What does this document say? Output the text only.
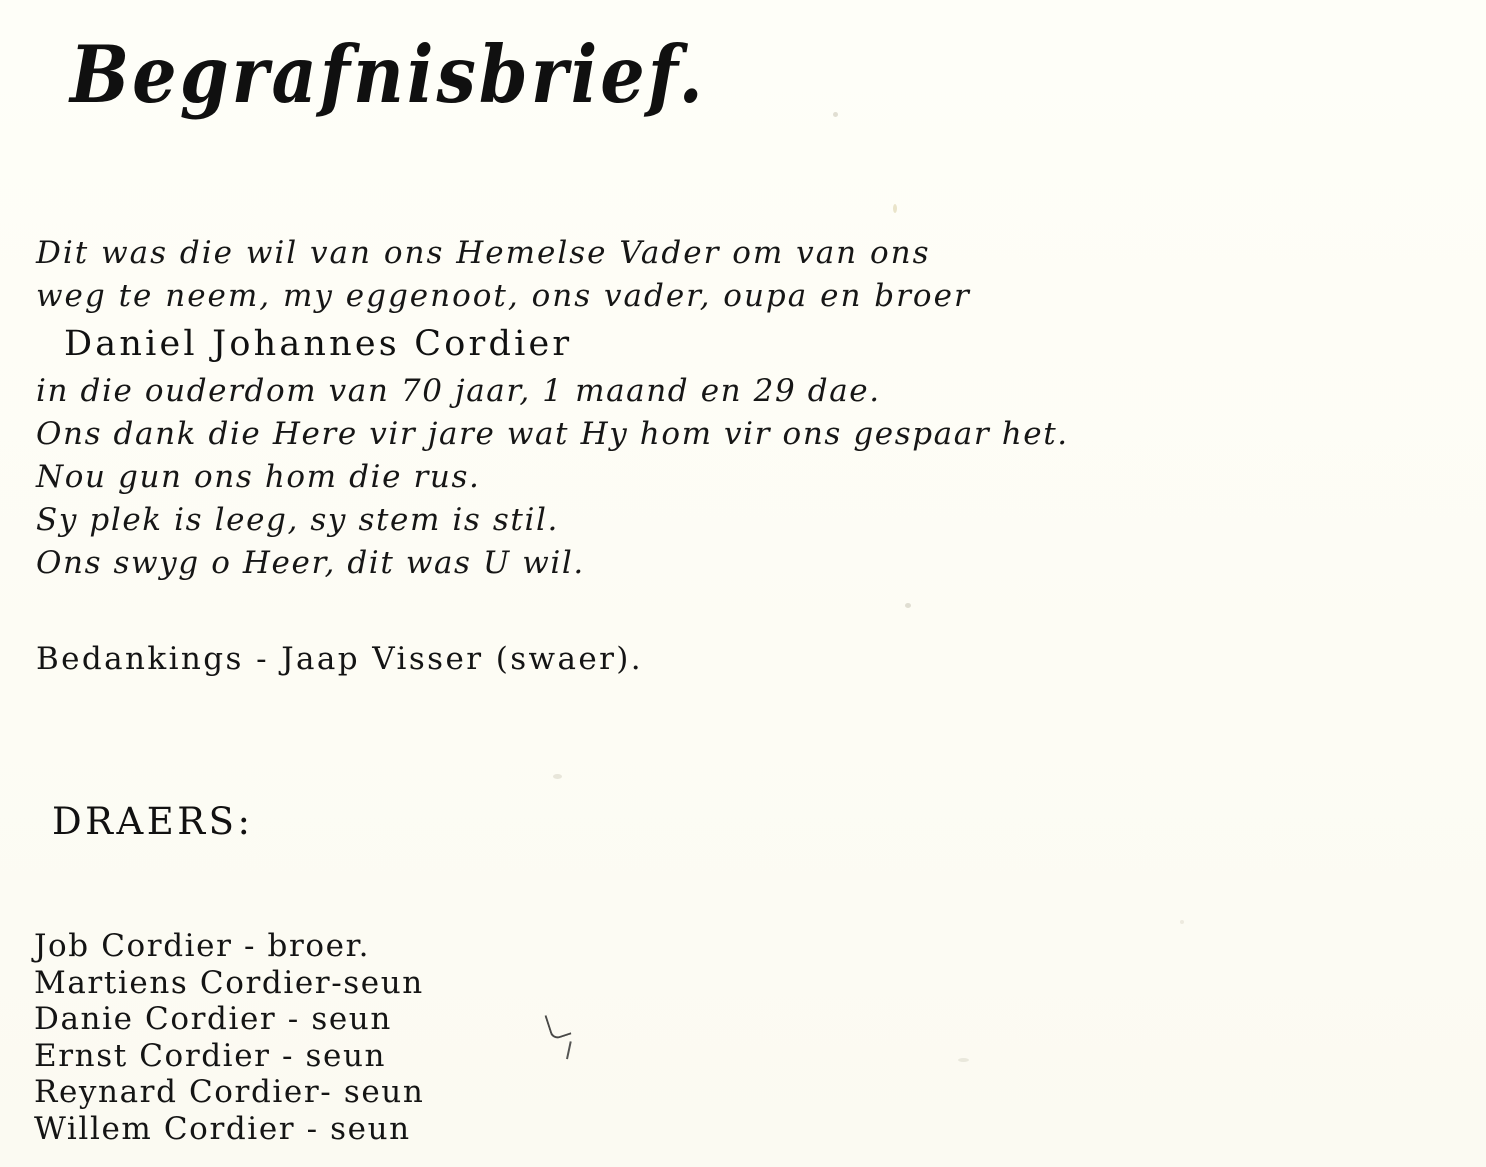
Begrafnisbrief.
Dit was die wil van ons Hemelse Vader om van ons
weg te neem, my eggenoot, ons vader, oupa en broer
Daniel Johannes Cordier
in die ouderdom van 70 jaar, 1 maand en 29 dae.
Ons dank die Here vir jare wat Hy hom vir ons gespaar het.
Nou gun ons hom die rus.
Sy plek is leeg, sy stem is stil.
Ons swyg o Heer, dit was U wil.
Bedankings - Jaap Visser (swaer).
DRAERS:
Job Cordier - broer.
Martiens Cordier-seun
Danie Cordier - seun
Ernst Cordier - seun
Reynard Cordier- seun
Willem Cordier - seun
